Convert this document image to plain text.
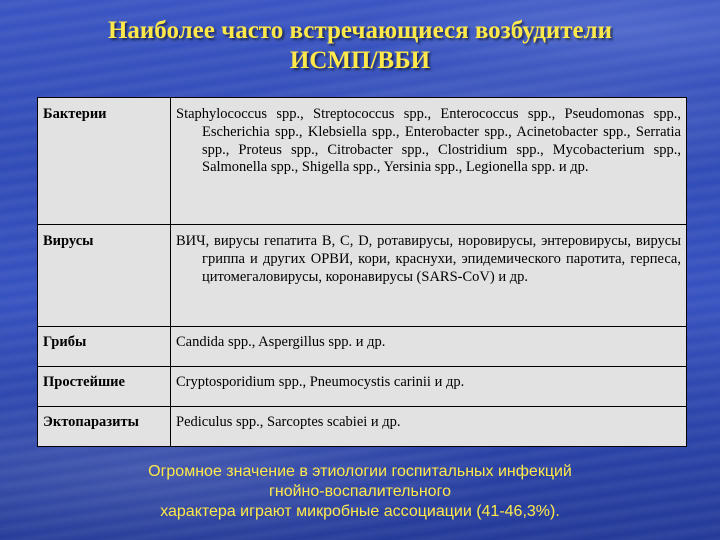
Наиболее часто встречающиеся возбудители
ИСМП/ВБИ
Бактерии	Staphylococcus spp., Streptococcus spp., Enterococcus spp., Pseudomonas spp., Escherichia spp., Klebsiella spp., Enterobacter spp., Acinetobacter spp., Serratia spp., Proteus spp., Citrobacter spp., Clostridium spp., Mycobacterium spp., Salmonella spp., Shigella spp., Yersinia spp., Legionella spp. и др.

Вирусы	ВИЧ, вирусы гепатита В, С, D, ротавирусы, норовирусы, энтеровирусы, вирусы гриппа и других ОРВИ, кори, краснухи, эпидемического паротита, герпеса, цитомегаловирусы, коронавирусы (SARS-CoV) и др.

Грибы	Candida spp., Aspergillus spp. и др.

Простейшие	Cryptosporidium spp., Pneumocystis carinii и др.

Эктопаразиты	Pediculus spp., Sarcoptes scabiei и др.
Огромное значение в этиологии госпитальных инфекций
гнойно-воспалительного
характера играют микробные ассоциации (41-46,3%).
